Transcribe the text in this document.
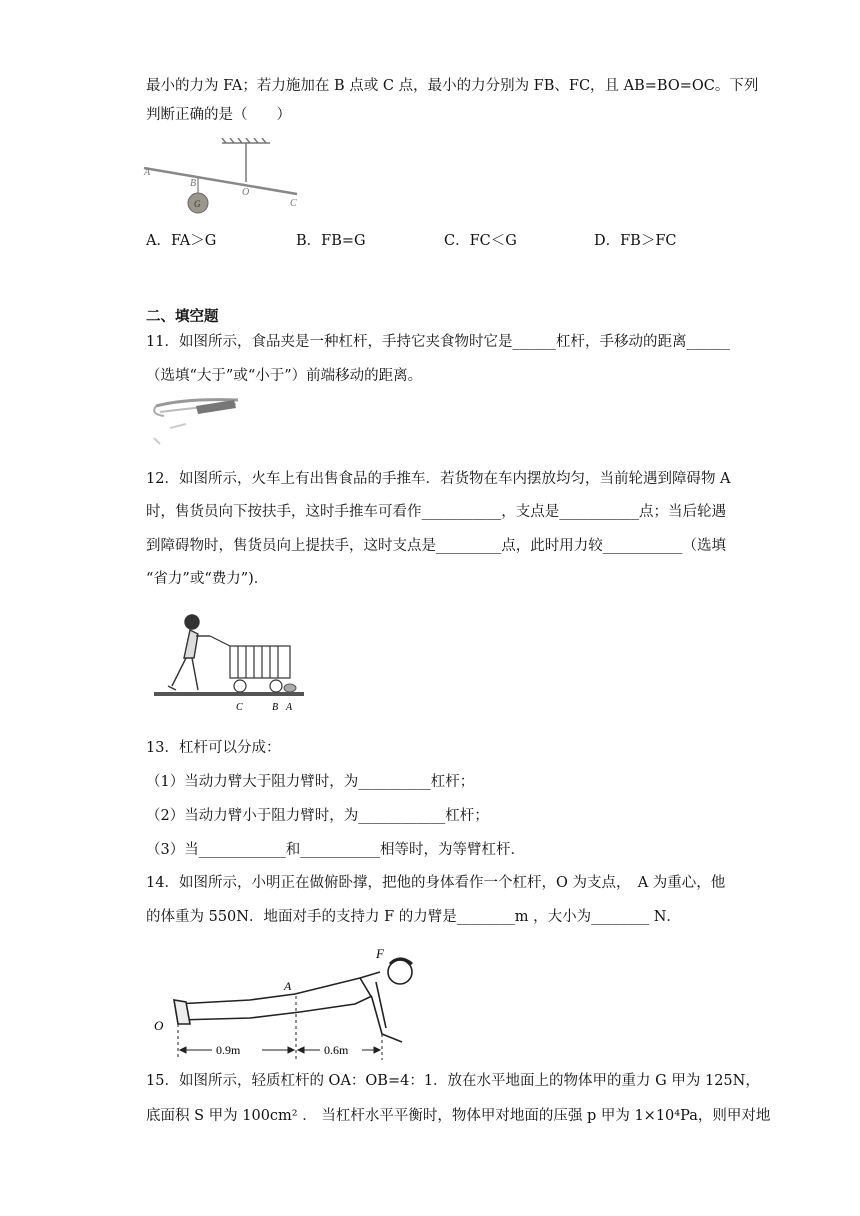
最小的力为 FA；若力施加在 B 点或 C 点，最小的力分别为 FB、FC，且 AB=BO=OC。下列
判断正确的是（　　）
A
B
O
C
G
A．FA＞G	B．FB=G	C．FC＜G	D．FB＞FC
二、填空题
11．如图所示，食品夹是一种杠杆，手持它夹食物时它是______杠杆，手移动的距离______
（选填“大于”或“小于”）前端移动的距离。
12．如图所示，火车上有出售食品的手推车．若货物在车内摆放均匀，当前轮遇到障碍物 A
时，售货员向下按扶手，这时手推车可看作___________，支点是___________点；当后轮遇
到障碍物时，售货员向上提扶手，这时支点是_________点，此时用力较___________（选填
“省力”或“费力”)．
C	B A
13．杠杆可以分成：
（1）当动力臂大于阻力臂时，为__________杠杆；
（2）当动力臂小于阻力臂时，为____________杠杆；
（3）当____________和___________相等时，为等臂杠杆．
14．如图所示，小明正在做俯卧撑，把他的身体看作一个杠杆，O 为支点，　A 为重心，他
的体重为 550N．地面对手的支持力 F 的力臂是________m ，大小为________ N．
F
A
O
0.9m	0.6m
15．如图所示，轻质杠杆的 OA：OB=4：1．放在水平地面上的物体甲的重力 G 甲为 125N，
底面积 S 甲为 100cm² ． 当杠杆水平平衡时，物体甲对地面的压强 p 甲为 1×10⁴Pa，则甲对地
